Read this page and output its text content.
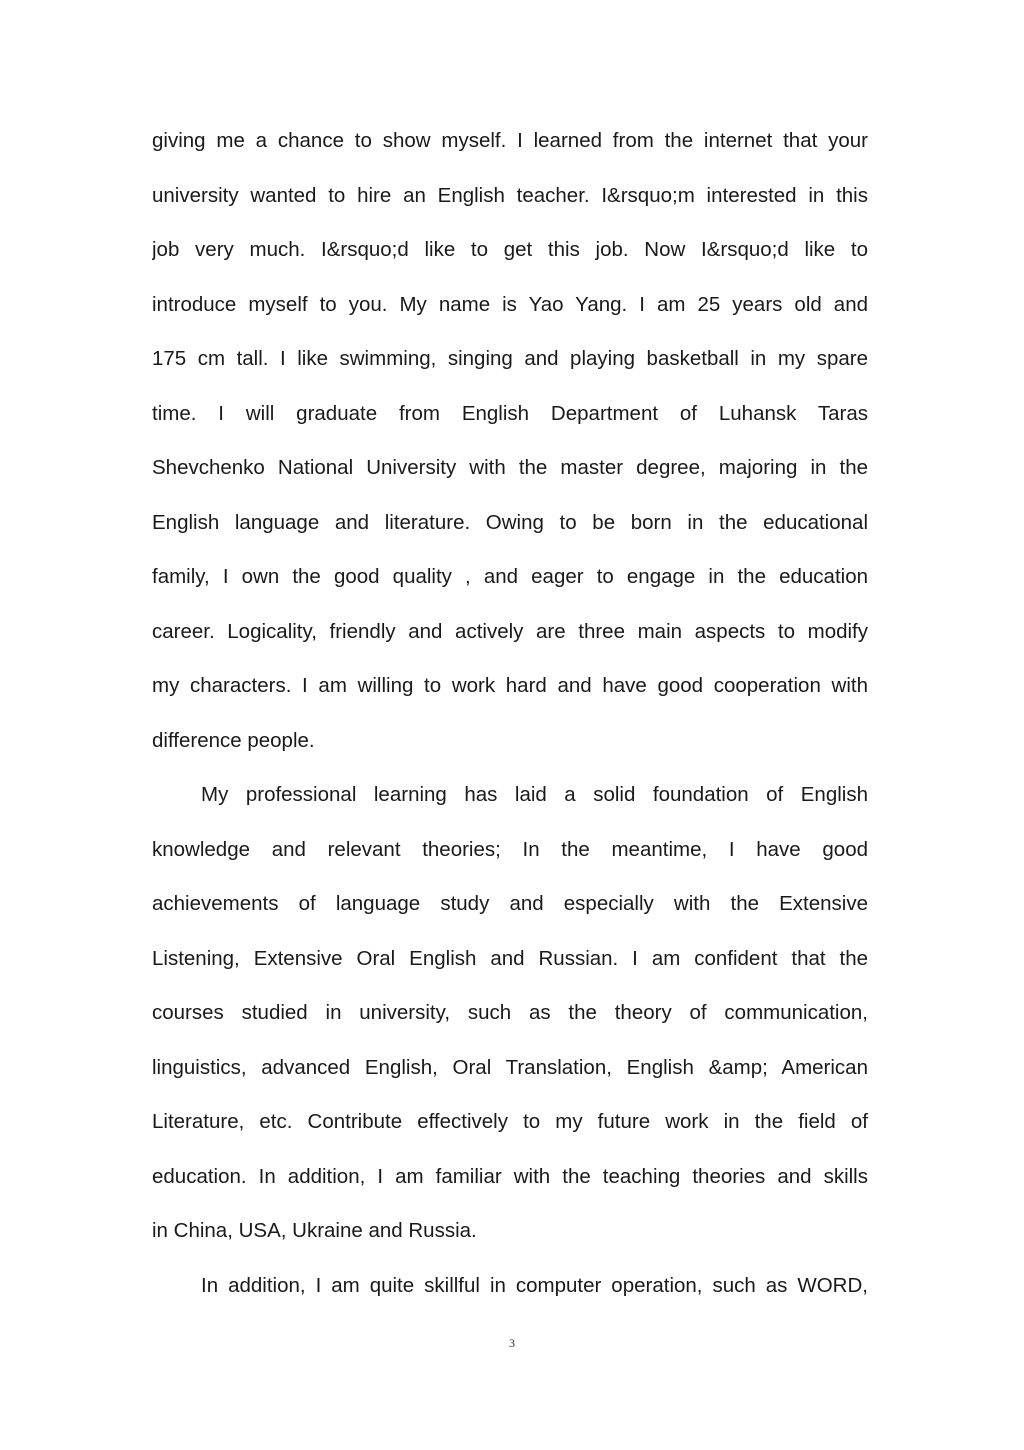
giving me a chance to show myself. I learned from the internet that your
university wanted to hire an English teacher. I&rsquo;m interested in this
job very much. I&rsquo;d like to get this job. Now I&rsquo;d like to
introduce myself to you. My name is Yao Yang. I am 25 years old and
175 cm tall. I like swimming, singing and playing basketball in my spare
time. I will graduate from English Department of Luhansk Taras
Shevchenko National University with the master degree, majoring in the
English language and literature. Owing to be born in the educational
family, I own the good quality , and eager to engage in the education
career. Logicality, friendly and actively are three main aspects to modify
my characters. I am willing to work hard and have good cooperation with
difference people.
My professional learning has laid a solid foundation of English
knowledge and relevant theories; In the meantime, I have good
achievements of language study and especially with the Extensive
Listening, Extensive Oral English and Russian. I am confident that the
courses studied in university, such as the theory of communication,
linguistics, advanced English, Oral Translation, English &amp; American
Literature, etc. Contribute effectively to my future work in the field of
education. In addition, I am familiar with the teaching theories and skills
in China, USA, Ukraine and Russia.
In addition, I am quite skillful in computer operation, such as WORD,
3
